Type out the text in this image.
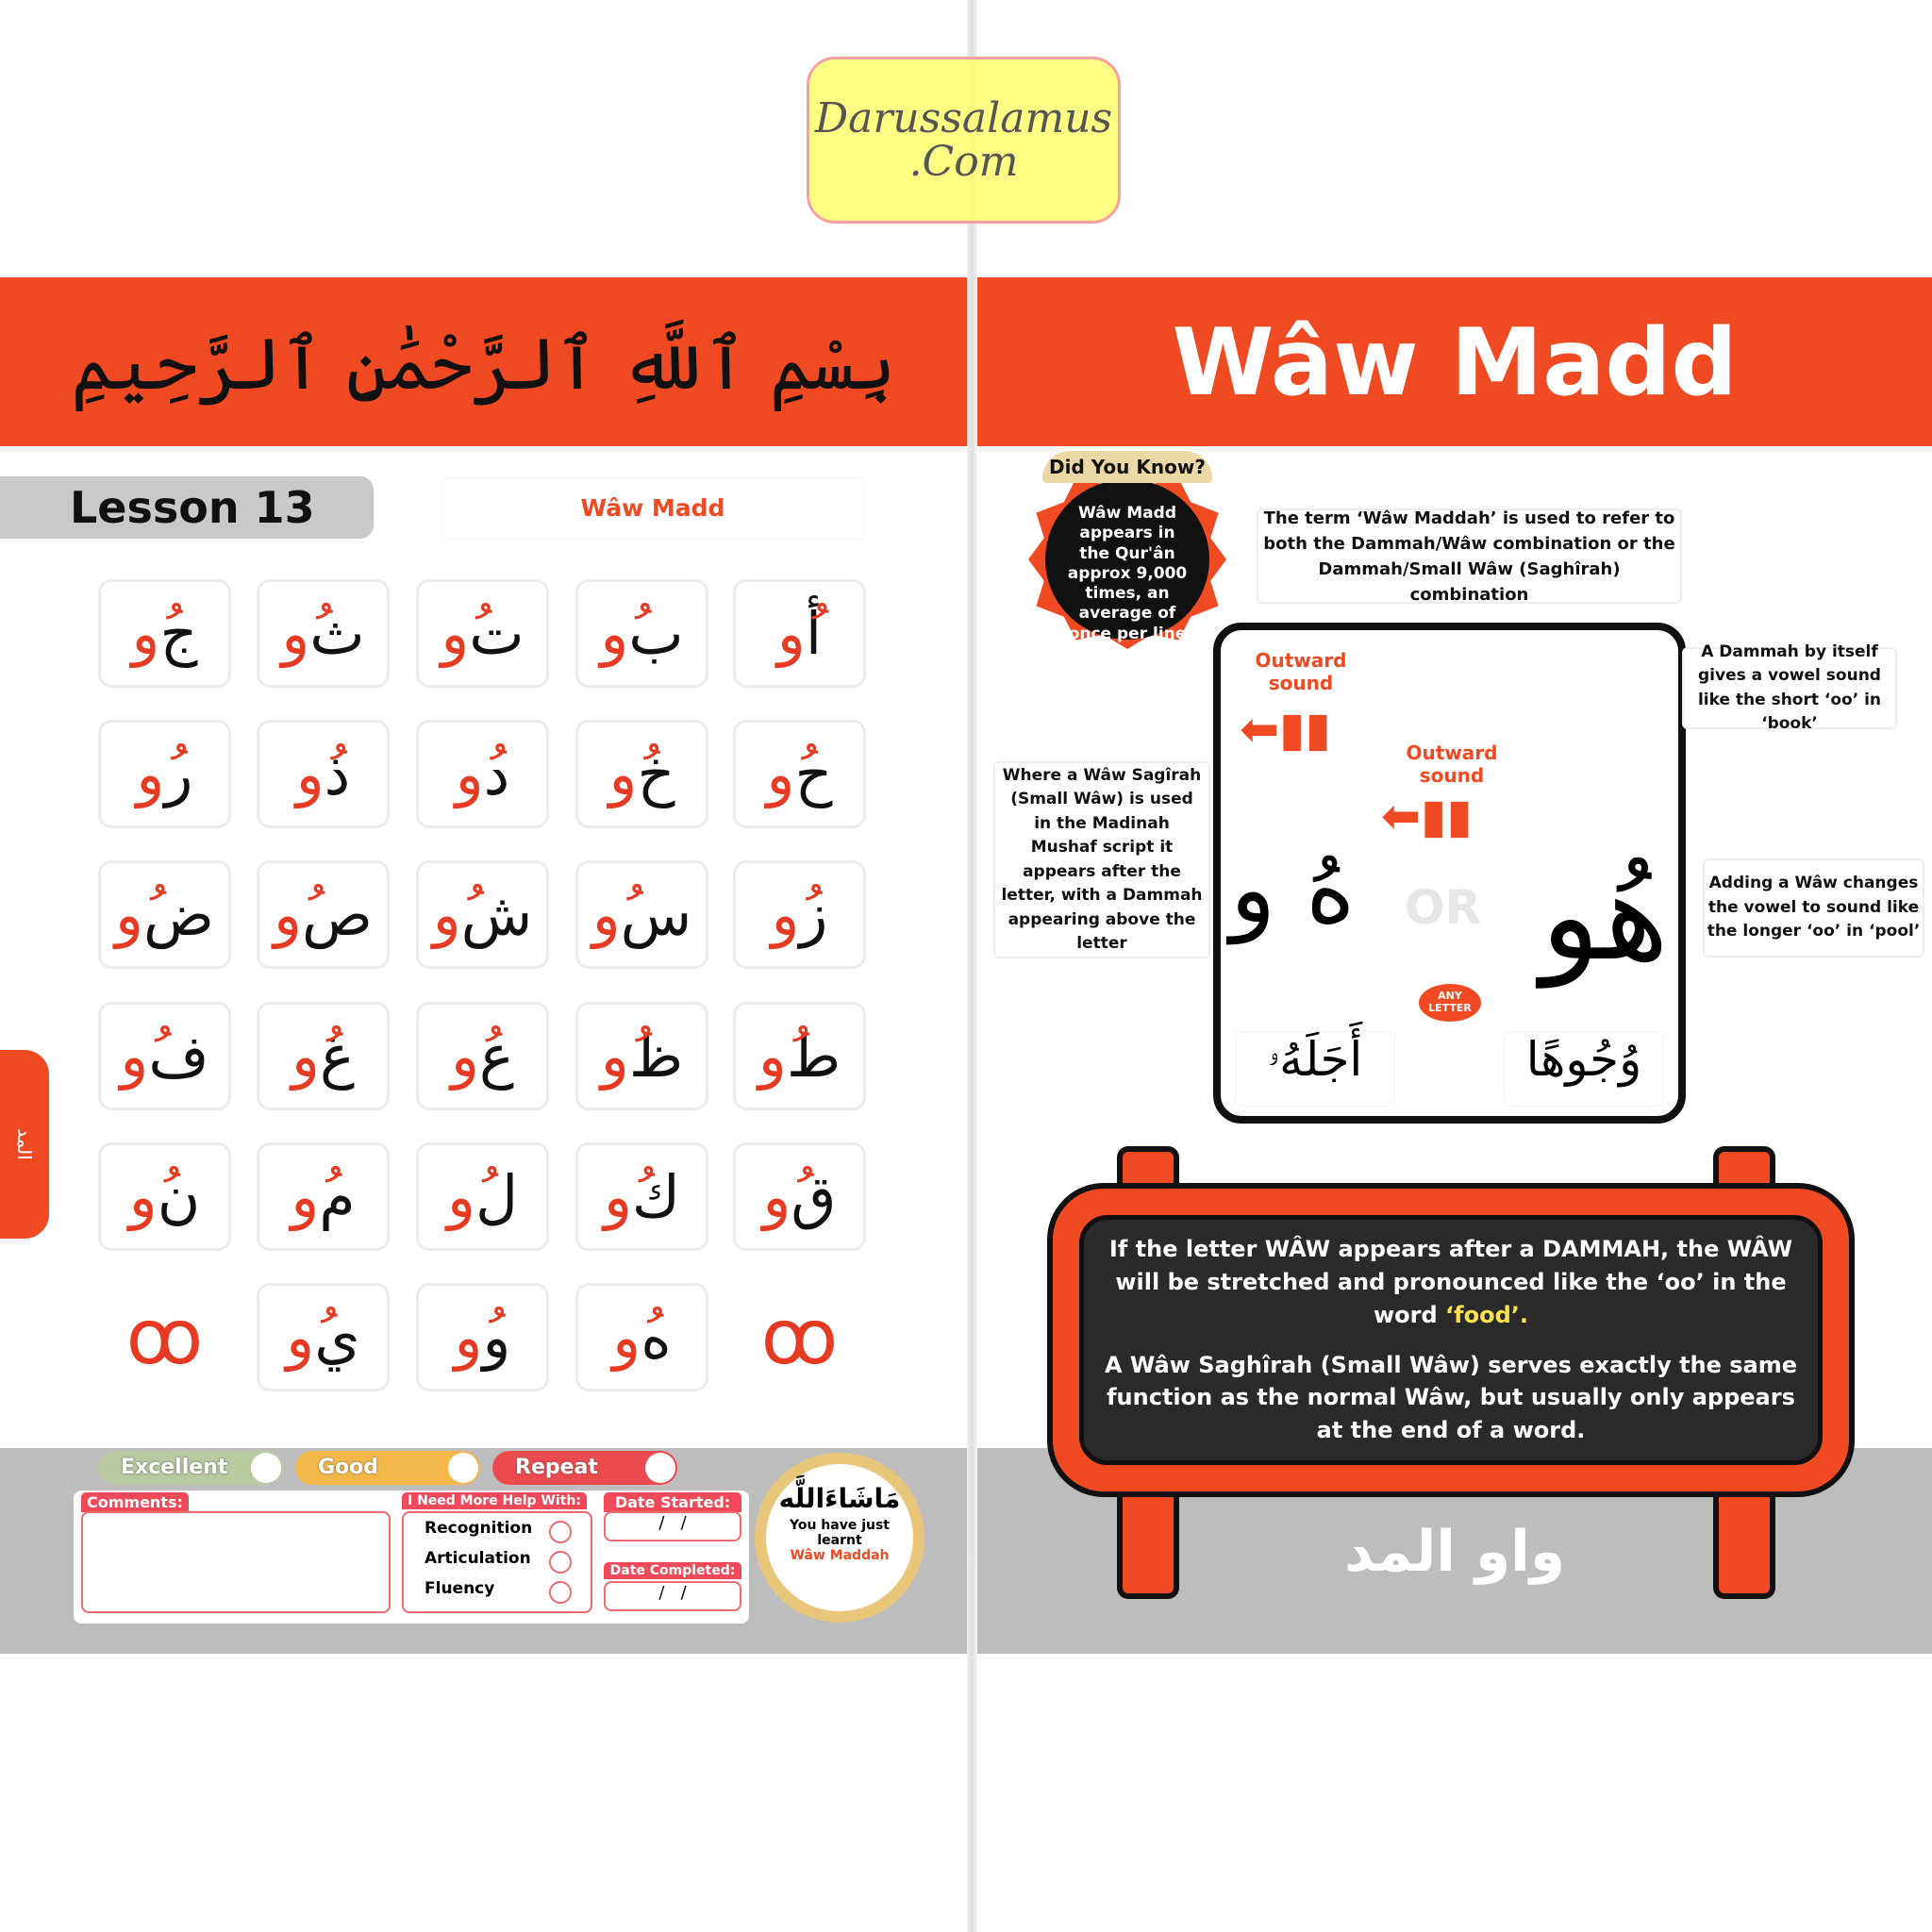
بِسْمِ ٱللَّهِ ٱلرَّحْمَٰنِ ٱلرَّحِيمِ	Wâw Madd
Lesson 13	Wâw Madd
ج
ُو	ث
ُو	ت
ُو	ب
ُو	أ
ُو
ر
ُو	ذ
ُو	د
ُو	خ
ُو	ح
ُو
ض
ُو	ص
ُو	ش
ُو	س
ُو	ز
ُو
ف
ُو	غ
ُو	ع
ُو	ظ
ُو	ط
ُو
ن
ُو	م
ُو	ل
ُو	ك
ُو	ق
ُو
ꝏ	ي
ُو	و
ُو	ه
ُو	ꝏ
المد
Excellent	Good	Repeat
Comments:	I Need More Help With:
Recognition
Articulation
Fluency
Date Started:
/   /
Date Completed:
/   /
مَاشَاءَاللَّه
You have just learnt
Wâw Maddah
Wâw Madd appears in the Qur'ân approx 9,000 times, an average of once per line
Did You Know?
The term ‘Wâw Maddah’ is used to refer to both the Dammah/Wâw combination or the Dammah/Small Wâw (Saghîrah) combination
Outward sound
⬅▮▮	Outward sound
⬅▮▮
هُ و OR هُو
ANY LETTER
أَجَلَهُۥ	وُجُوهًا
A Dammah by itself gives a vowel sound like the short ‘oo’ in ‘book’
Where a Wâw Sagîrah (Small Wâw) is used in the Madinah Mushaf script it appears after the letter, with a Dammah appearing above the letter
Adding a Wâw changes the vowel to sound like the longer ‘oo’ in ‘pool’
If the letter WÂW appears after a DAMMAH, the WÂW will be stretched and pronounced like the ‘oo’ in the word ‘food’.
A Wâw Saghîrah (Small Wâw) serves exactly the same function as the normal Wâw, but usually only appears at the end of a word.
واو المد
Darussalamus .Com
